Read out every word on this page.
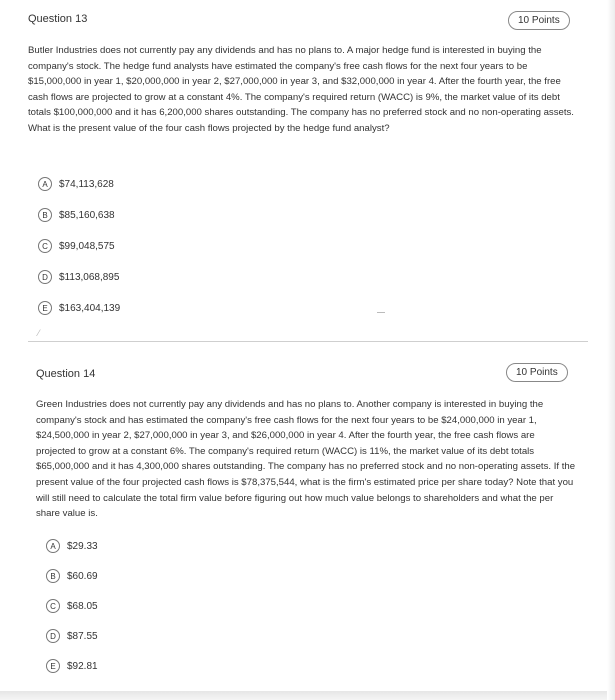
Question 13	10 Points
Butler Industries does not currently pay any dividends and has no plans to. A major hedge fund is interested in buying the company's stock. The hedge fund analysts have estimated the company's free cash flows for the next four years to be $15,000,000 in year 1, $20,000,000 in year 2, $27,000,000 in year 3, and $32,000,000 in year 4. After the fourth year, the free cash flows are projected to grow at a constant 4%. The company's required return (WACC) is 9%, the market value of its debt totals $100,000,000 and it has 6,200,000 shares outstanding. The company has no preferred stock and no non-operating assets. What is the present value of the four cash flows projected by the hedge fund analyst?
A	$74,113,628
B	$85,160,638
C	$99,048,575
D	$113,068,895
E	$163,404,139
⁄
Question 14	10 Points
Green Industries does not currently pay any dividends and has no plans to. Another company is interested in buying the company's stock and has estimated the company's free cash flows for the next four years to be $24,000,000 in year 1, $24,500,000 in year 2, $27,000,000 in year 3, and $26,000,000 in year 4. After the fourth year, the free cash flows are projected to grow at a constant 6%. The company's required return (WACC) is 11%, the market value of its debt totals $65,000,000 and it has 4,300,000 shares outstanding. The company has no preferred stock and no non-operating assets. If the present value of the four projected cash flows is $78,375,544, what is the firm's estimated price per share today? Note that you will still need to calculate the total firm value before figuring out how much value belongs to shareholders and what the per share value is.
A	$29.33
B	$60.69
C	$68.05
D	$87.55
E	$92.81
